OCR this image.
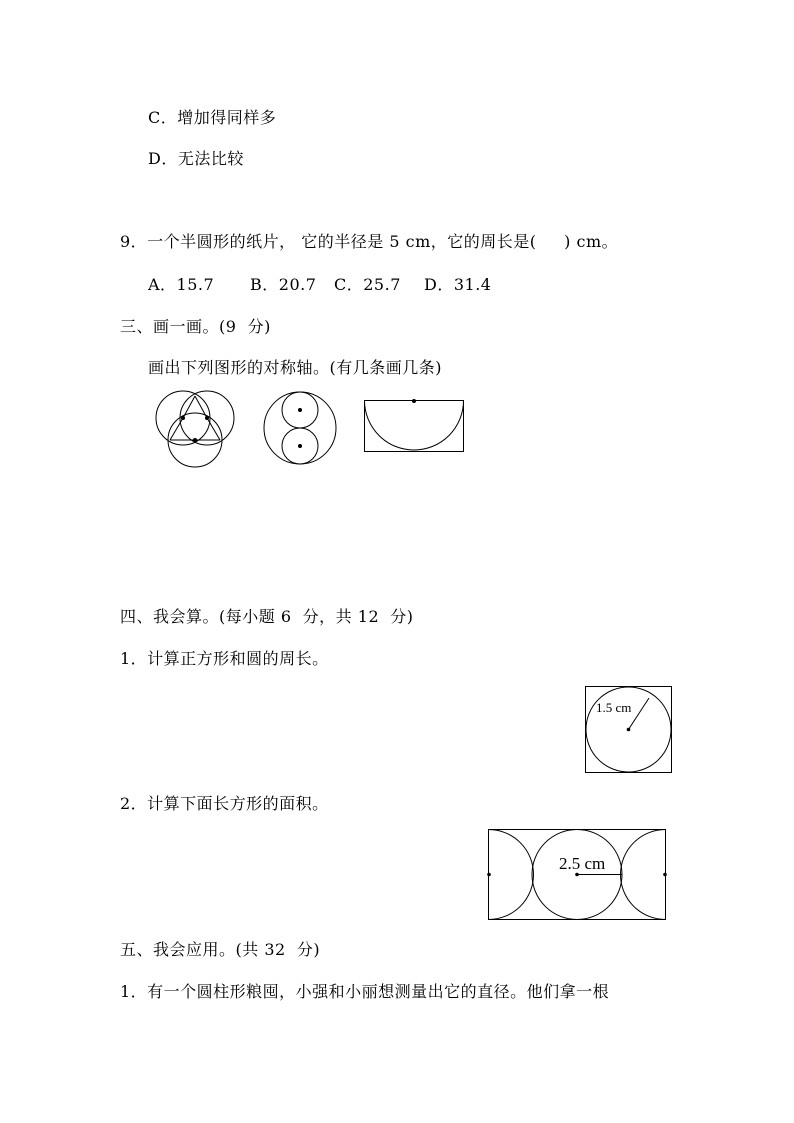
C．增加得同样多
D．无法比较
9．一个半圆形的纸片， 它的半径是 5 cm，它的周长是(　  ) cm。
A．15.7 B．20.7 C．25.7 D．31.4
三、画一画。(9  分)
画出下列图形的对称轴。(有几条画几条)
四、我会算。(每小题 6  分，共 12  分)
1．计算正方形和圆的周长。
1.5 cm
2．计算下面长方形的面积。
2.5 cm
五、我会应用。(共 32  分)
1．有一个圆柱形粮囤，小强和小丽想测量出它的直径。他们拿一根
